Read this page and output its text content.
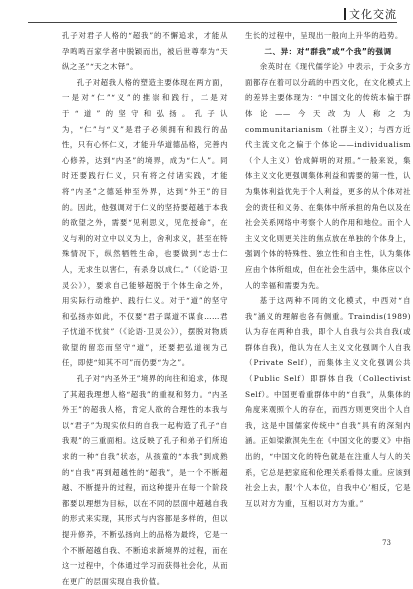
文化交流

孔子对君子人格的“超我”的不懈追求，才能从孕鸣鸣百家学者中脱颖而出，被后世尊奉为“天纵之圣”“天之木铎”。

孔子对超我人格的塑造主要体现在两方面，一是对“仁”“义”的推崇和践行，二是对于“道”的坚守和弘扬。孔子认为，“仁”与“义”是君子必须拥有和践行的品性，只有心怀仁义，才能升华道德品格，完善内心修养，达到“内圣”的境界，成为“仁人”。同时还要践行仁义，只有将之付诸实践，才能将“内圣”之德延伸至外界，达到“外王”的目的。因此，他强调对于仁义的坚持要超越于本我的欲望之外，需要“见利思义，见危授命”，在义与利的对立中以义为上，舍利求义，甚至在特殊情况下，纵然牺牲生命，也要做到“志士仁人，无求生以害仁，有杀身以成仁。”（《论语·卫灵公》），要求自己能够超脱于个体生命之外，用实际行动维护、践行仁义。对于“道”的坚守和弘扬亦如此，不仅要“君子谋道不谋食……君子忧道不忧贫”（《论语·卫灵公》），摆脱对物质欲望的留恋而坚守“道”，还要把弘道视为己任，即使“知其不可”而仍要“为之”。

孔子对“内圣外王”境界的向往和追求，体现了其超我理想人格“超我”的重视和努力。“内圣外王”的超我人格，肯定人欲的合理性的本我与以“君子”为现实依归的自我一起构造了孔子“自我观”的三重面相。这反映了孔子和弟子们所追求的一种“自我”状态，从孩童的“本我”到成熟的“自我”再到超越性的“超我”，是一个不断超越、不断提升的过程，而这种提升在每一个阶段都要以理想为目标，以在不同的层面中超越自我的形式来实现，其形式与内容都是多样的，但以提升修养，不断弘扬向上的品格为最终，它是一个不断超越自我、不断追求新境界的过程，而在这一过程中，个体通过学习而获得社会化，从而在更广的层面实现自我价值。

生长的过程中，呈现出一般向上升华的趋势。

二、异：对“群我”或“个我”的强调

余英时在《现代儒学论》中表示，于众多方面都存在着可以分疏的中西文化，在文化模式上的差异主要体现为：“中国文化的传统本偏于群体论——今天改为人称之为communitarianism（社群主义）；与西方近代主流文化之偏于个体论——individualism（个人主义）恰成鲜明的对照。”一般来说，集体主义文化更强调集体利益和需要的第一性，认为集体利益优先于个人利益，更多的从个体对社会的责任和义务、在集体中所承担的角色以及在社会关系网络中考察个人的作用和地位。而个人主义文化则更关注的焦点放在单独的个体身上，强调个体的特殊性、独立性和自主性，认为集体应由个体所组成，但在社会生活中，集体应以个人的幸福和需要为先。

基于这两种不同的文化模式，中西对“自我”涵义的理解也各有侧重。Traindis(1989)认为存在两种自我，即个人自我与公共自我(或群体自我)，他认为在人主义文化强调个人自我（Private Self），而集体主义文化强调公共（Public Self）即群体自我（Collectivist Self）。中国更看重群体中的“自我”，从集体的角度来观照个人的存在，而西方则更突出个人自我，这是中国儒家传统中“自我”具有的深刻内涵。正如梁漱溟先生在《中国文化的要义》中指出的，“中国文化的特色就是在注重人与人的关系，它总是把家庭和伦理关系看得太重。应该到社会上去，服‘个人本位，自我中心’相反，它是互以对方为重，互相以对方为重。”

73
